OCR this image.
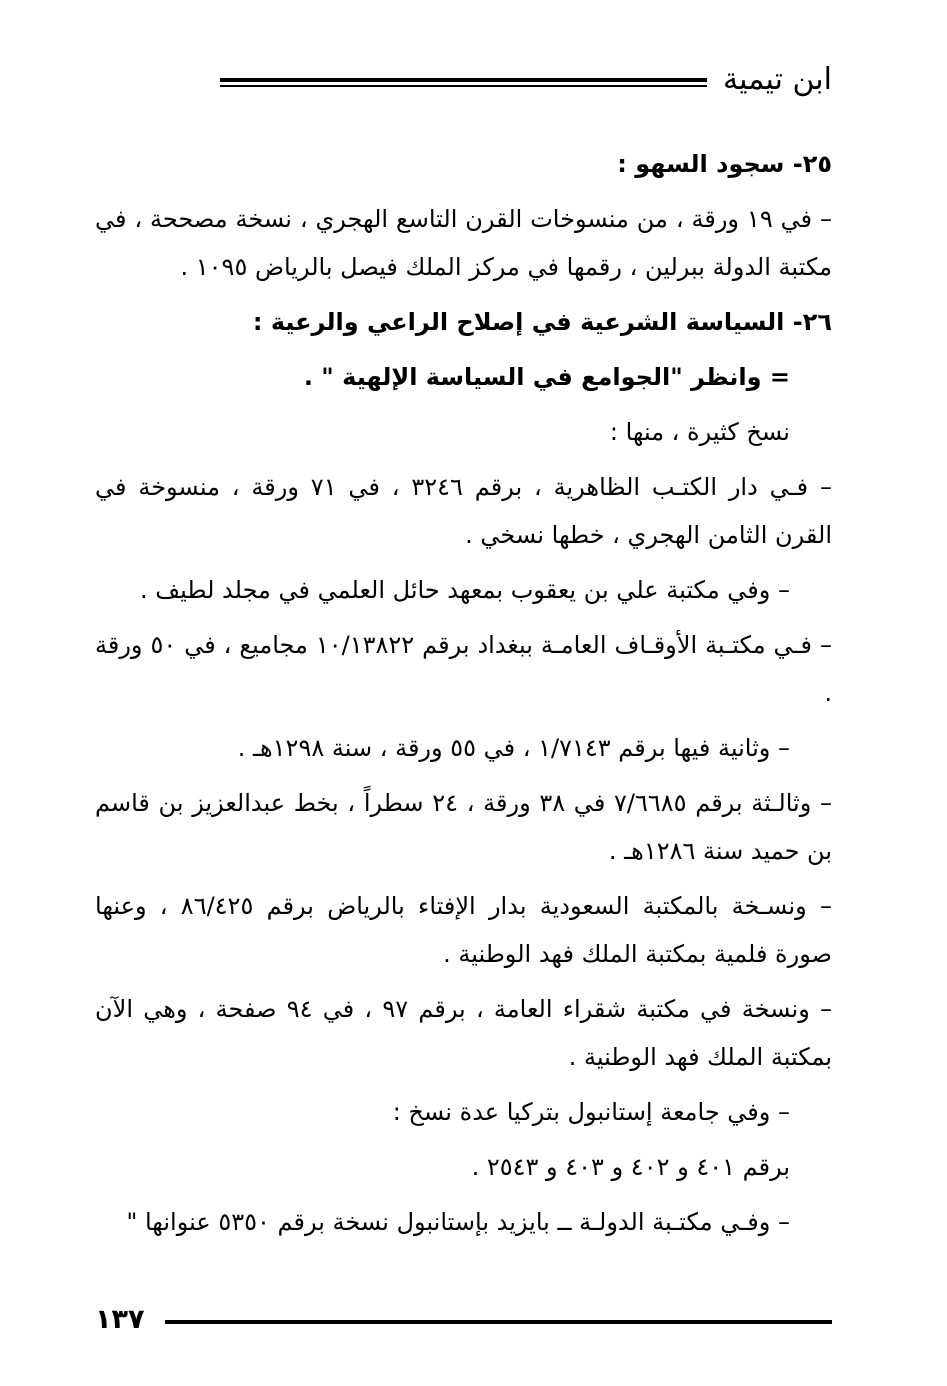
ابن تيمية

٢٥- سجود السهو :

– في ١٩ ورقة ، من منسوخات القرن التاسع الهجري ، نسخة مصححة ، في مكتبة الدولة ببرلين ، رقمها في مركز الملك فيصل بالرياض ١٠٩٥ .

٢٦- السياسة الشرعية في إصلاح الراعي والرعية :

= وانظر "الجوامع في السياسة الإلهية " .

نسخ كثيرة ، منها :

– فـي دار الكتـب الظاهرية ، برقم ٣٢٤٦ ، في ٧١ ورقة ، منسوخة في القرن الثامن الهجري ، خطها نسخي .

– وفي مكتبة علي بن يعقوب بمعهد حائل العلمي في مجلد لطيف .

– فـي مكتـبة الأوقـاف العامـة ببغداد برقم ١٠/١٣٨٢٢ مجاميع ، في ٥٠ ورقة .

– وثانية فيها برقم ١/٧١٤٣ ، في ٥٥ ورقة ، سنة ١٢٩٨هـ .

– وثالـثة برقم ٧/٦٦٨٥ في ٣٨ ورقة ، ٢٤ سطراً ، بخط عبدالعزيز بن قاسم بن حميد سنة ١٢٨٦هـ .

– ونسـخة بالمكتبة السعودية بدار الإفتاء بالرياض برقم ٨٦/٤٢٥ ، وعنها صورة فلمية بمكتبة الملك فهد الوطنية .

– ونسخة في مكتبة شقراء العامة ، برقم ٩٧ ، في ٩٤ صفحة ، وهي الآن بمكتبة الملك فهد الوطنية .

– وفي جامعة إستانبول بتركيا عدة نسخ :

برقم ٤٠١ و ٤٠٢ و ٤٠٣ و ٢٥٤٣ .

– وفـي مكتـبة الدولـة ــ بايزيد بإستانبول نسخة برقم ٥٣٥٠ عنوانها "

١٣٧
